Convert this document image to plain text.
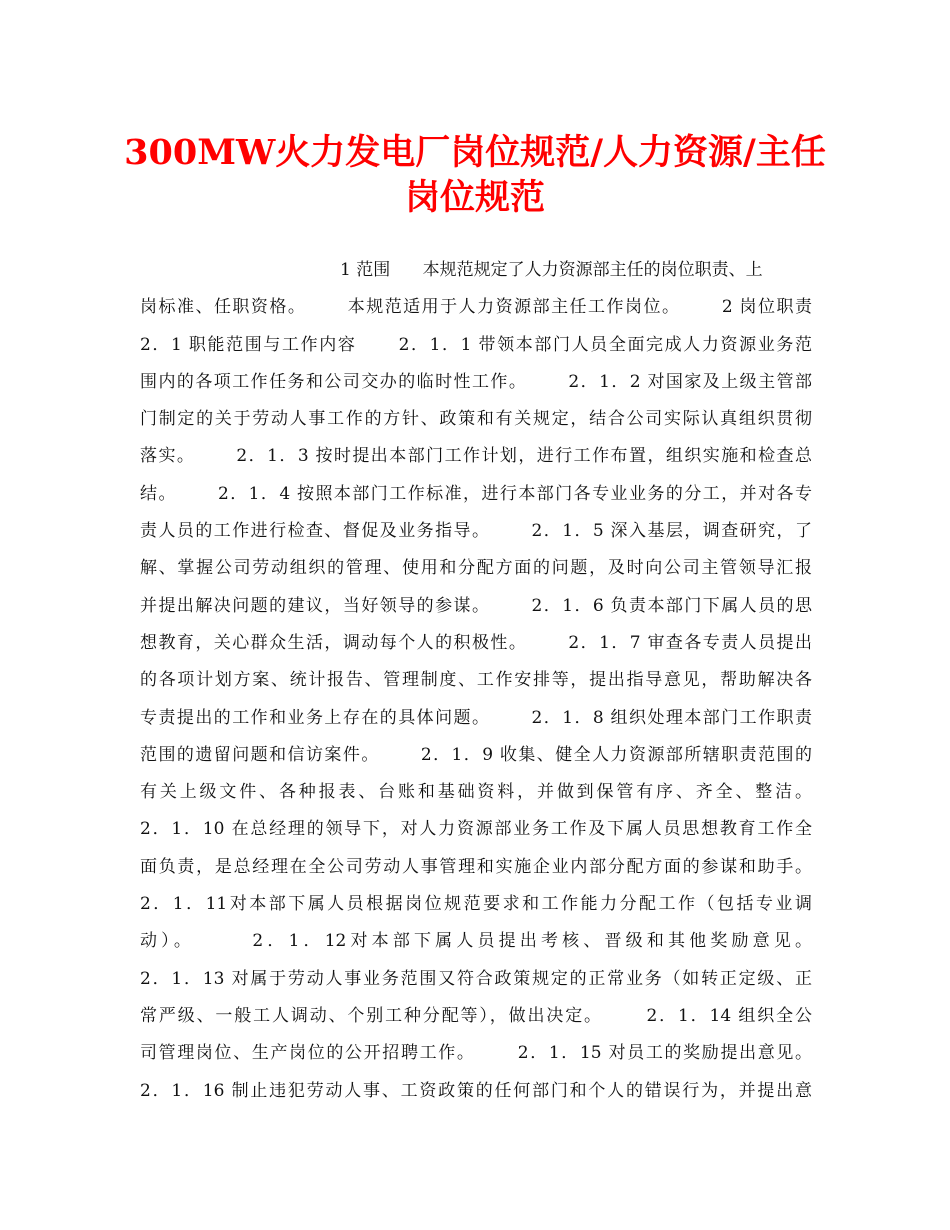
300MW火力发电厂岗位规范/人力资源/主任
岗位规范
1 范围      本规范规定了人力资源部主任的岗位职责、上
岗标准、任职资格。      本规范适用于人力资源部主任工作岗位。      2 岗位职责
2．1 职能范围与工作内容      2．1．1 带领本部门人员全面完成人力资源业务范
围内的各项工作任务和公司交办的临时性工作。      2．1．2 对国家及上级主管部
门制定的关于劳动人事工作的方针、政策和有关规定，结合公司实际认真组织贯彻
落实。      2．1．3 按时提出本部门工作计划，进行工作布置，组织实施和检查总
结。      2．1．4 按照本部门工作标准，进行本部门各专业业务的分工，并对各专
责人员的工作进行检查、督促及业务指导。      2．1．5 深入基层，调查研究，了
解、掌握公司劳动组织的管理、使用和分配方面的问题，及时向公司主管领导汇报
并提出解决问题的建议，当好领导的参谋。      2．1．6 负责本部门下属人员的思
想教育，关心群众生活，调动每个人的积极性。      2．1．7 审查各专责人员提出
的各项计划方案、统计报告、管理制度、工作安排等，提出指导意见，帮助解决各
专责提出的工作和业务上存在的具体问题。      2．1．8 组织处理本部门工作职责
范围的遗留问题和信访案件。      2．1．9 收集、健全人力资源部所辖职责范围的
有关上级文件、各种报表、台账和基础资料，并做到保管有序、齐全、整洁。
2．1．10 在总经理的领导下，对人力资源部业务工作及下属人员思想教育工作全
面负责，是总经理在全公司劳动人事管理和实施企业内部分配方面的参谋和助手。
2．1．11对本部下属人员根据岗位规范要求和工作能力分配工作（包括专业调
动）。      2．1．12对本部下属人员提出考核、晋级和其他奖励意见。
2．1．13 对属于劳动人事业务范围又符合政策规定的正常业务（如转正定级、正
常严级、一般工人调动、个别工种分配等），做出决定。      2．1．14 组织全公
司管理岗位、生产岗位的公开招聘工作。      2．1．15 对员工的奖励提出意见。
2．1．16 制止违犯劳动人事、工资政策的任何部门和个人的错误行为，并提出意
